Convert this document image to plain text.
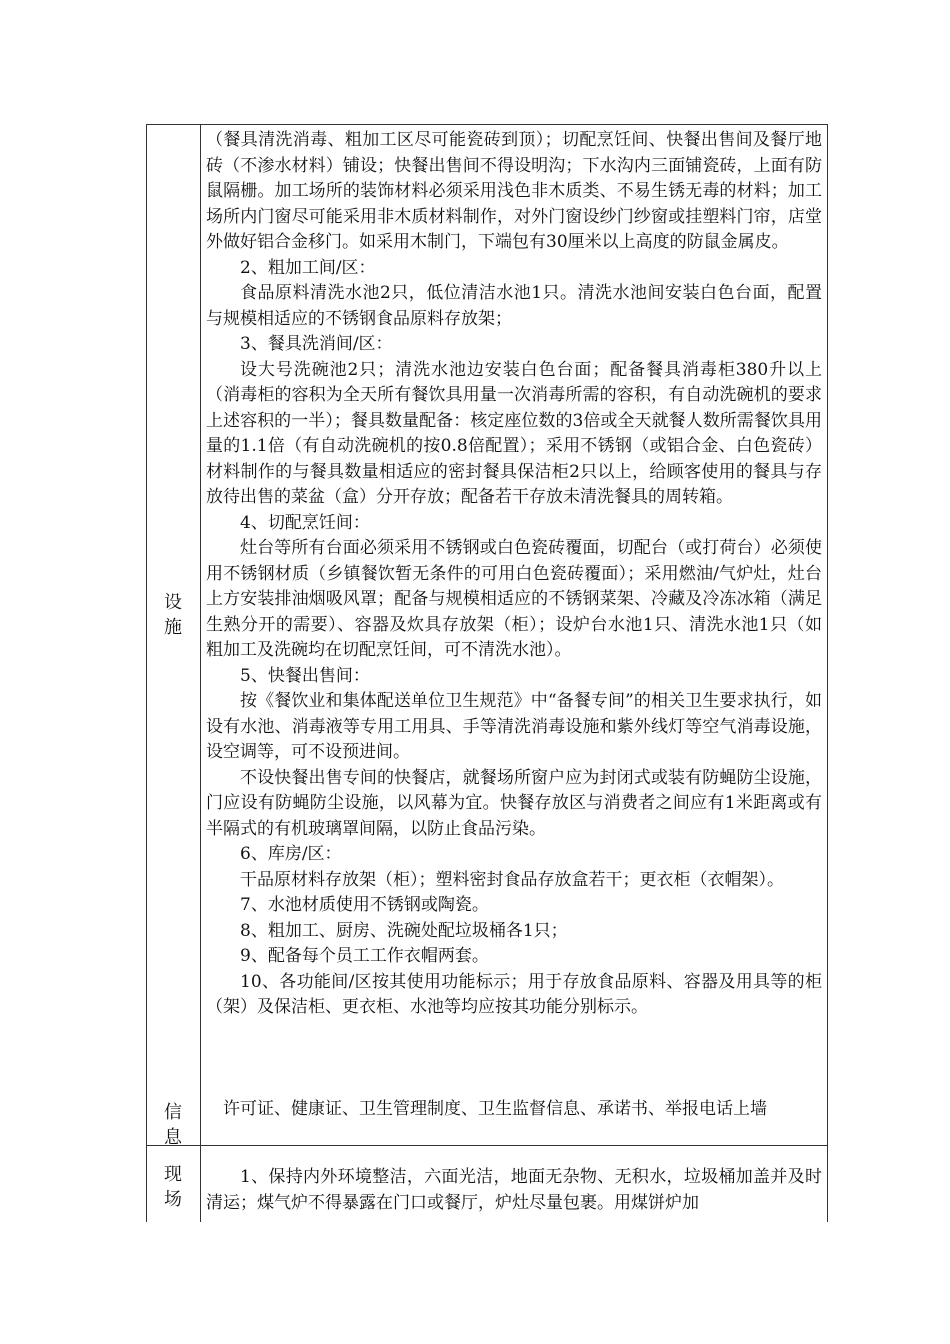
设
施
信
息
现
场

（餐具清洗消毒、粗加工区尽可能瓷砖到顶）；切配烹饪间、快餐出售间及餐厅地砖（不渗水材料）铺设；快餐出售间不得设明沟；下水沟内三面铺瓷砖，上面有防鼠隔栅。加工场所的装饰材料必须采用浅色非木质类、不易生锈无毒的材料；加工场所内门窗尽可能采用非木质材料制作，对外门窗设纱门纱窗或挂塑料门帘，店堂外做好铝合金移门。如采用木制门，下端包有30厘米以上高度的防鼠金属皮。

2、粗加工间/区：

食品原料清洗水池2只，低位清洁水池1只。清洗水池间安装白色台面，配置与规模相适应的不锈钢食品原料存放架；

3、餐具洗消间/区：

设大号洗碗池2只；清洗水池边安装白色台面；配备餐具消毒柜380升以上（消毒柜的容积为全天所有餐饮具用量一次消毒所需的容积，有自动洗碗机的要求上述容积的一半）；餐具数量配备：核定座位数的3倍或全天就餐人数所需餐饮具用量的1.1倍（有自动洗碗机的按0.8倍配置）；采用不锈钢（或铝合金、白色瓷砖）材料制作的与餐具数量相适应的密封餐具保洁柜2只以上，给顾客使用的餐具与存放待出售的菜盆（盒）分开存放；配备若干存放未清洗餐具的周转箱。

4、切配烹饪间：

灶台等所有台面必须采用不锈钢或白色瓷砖覆面，切配台（或打荷台）必须使用不锈钢材质（乡镇餐饮暂无条件的可用白色瓷砖覆面）；采用燃油/气炉灶，灶台上方安装排油烟吸风罩；配备与规模相适应的不锈钢菜架、冷藏及冷冻冰箱（满足生熟分开的需要）、容器及炊具存放架（柜）；设炉台水池1只、清洗水池1只（如粗加工及洗碗均在切配烹饪间，可不清洗水池）。

5、快餐出售间：

按《餐饮业和集体配送单位卫生规范》中“备餐专间”的相关卫生要求执行，如设有水池、消毒液等专用工用具、手等清洗消毒设施和紫外线灯等空气消毒设施，设空调等，可不设预进间。

不设快餐出售专间的快餐店，就餐场所窗户应为封闭式或装有防蝇防尘设施，门应设有防蝇防尘设施，以风幕为宜。快餐存放区与消费者之间应有1米距离或有半隔式的有机玻璃罩间隔，以防止食品污染。

6、库房/区：

干品原材料存放架（柜）；塑料密封食品存放盒若干；更衣柜（衣帽架）。

7、水池材质使用不锈钢或陶瓷。

8、粗加工、厨房、洗碗处配垃圾桶各1只；

9、配备每个员工工作衣帽两套。

10、各功能间/区按其使用功能标示；用于存放食品原料、容器及用具等的柜（架）及保洁柜、更衣柜、水池等均应按其功能分别标示。

许可证、健康证、卫生管理制度、卫生监督信息、承诺书、举报电话上墙

1、保持内外环境整洁，六面光洁，地面无杂物、无积水，垃圾桶加盖并及时清运；煤气炉不得暴露在门口或餐厅，炉灶尽量包裹。用煤饼炉加
